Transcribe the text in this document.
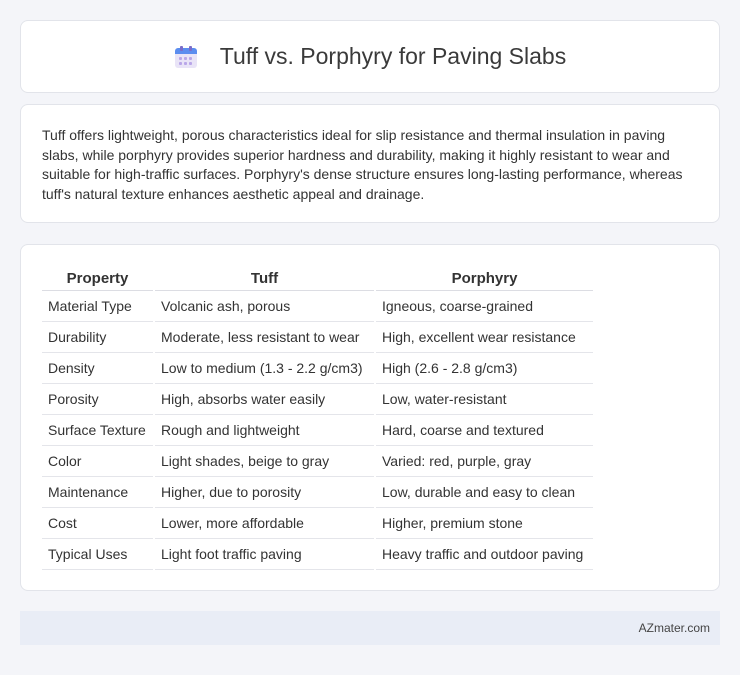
Tuff vs. Porphyry for Paving Slabs

Tuff offers lightweight, porous characteristics ideal for slip resistance and thermal insulation in paving slabs, while porphyry provides superior hardness and durability, making it highly resistant to wear and suitable for high-traffic surfaces. Porphyry's dense structure ensures long-lasting performance, whereas tuff's natural texture enhances aesthetic appeal and drainage.

Property	Tuff	Porphyry
Material Type	Volcanic ash, porous	Igneous, coarse-grained
Durability	Moderate, less resistant to wear	High, excellent wear resistance
Density	Low to medium (1.3 - 2.2 g/cm3)	High (2.6 - 2.8 g/cm3)
Porosity	High, absorbs water easily	Low, water-resistant
Surface Texture	Rough and lightweight	Hard, coarse and textured
Color	Light shades, beige to gray	Varied: red, purple, gray
Maintenance	Higher, due to porosity	Low, durable and easy to clean
Cost	Lower, more affordable	Higher, premium stone
Typical Uses	Light foot traffic paving	Heavy traffic and outdoor paving
AZmater.com
